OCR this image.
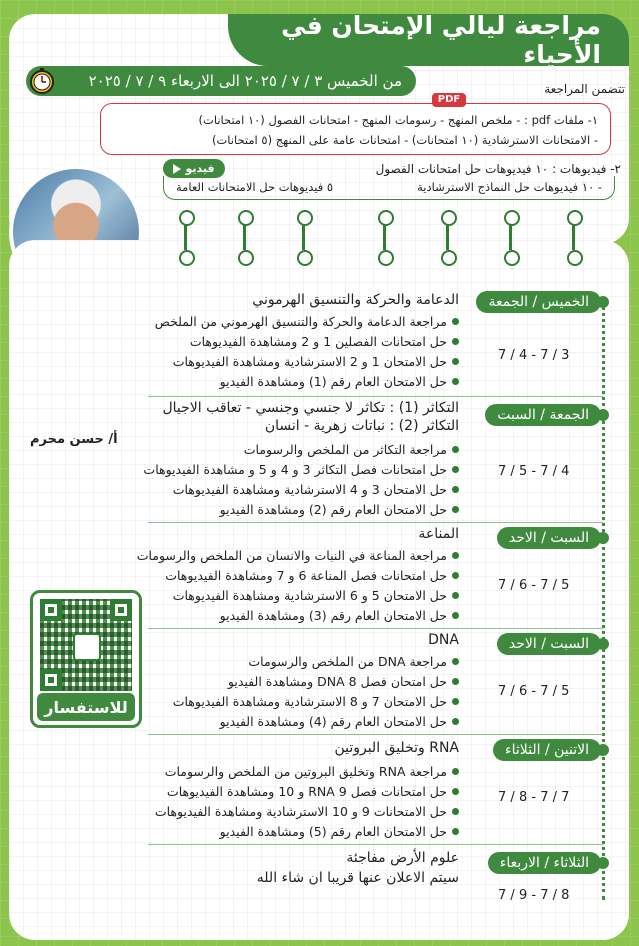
مراجعة ليالي الإمتحان في الأحياء
من الخميس ٣ / ٧ / ٢٠٢٥ الى الاربعاء ٩ / ٧ / ٢٠٢٥	تتضمن المراجعة
١- ملفات pdf : - ملخص المنهج - رسومات المنهج - امتحانات الفصول (١٠ امتحانات)
- الامتحانات الاسترشادية (١٠ امتحانات) - امتحانات عامة على المنهج (٥ امتحانات)
PDF
٢- فيديوهات : ١٠ فيديوهات حل امتحانات الفصول
- ١٠ فيديوهات حل النماذج الاسترشادية
٥ فيديوهات حل الامتحانات العامة
فيديو
الخميس / الجمعة
الدعامة والحركة والتنسيق الهرموني
مراجعة الدعامة والحركة والتنسيق الهرموني من الملخص
حل امتحانات الفصلين 1 و 2 ومشاهدة الفيديوهات
حل الامتحان 1 و 2 الاسترشادية ومشاهدة الفيديوهات
حل الامتحان العام رقم (1) ومشاهدة الفيديو
3 / 7 - 4 / 7
الجمعة / السبت
التكاثر (1) : تكاثر لا جنسي وجنسي - تعاقب الاجيال
التكاثر (2) : نباتات زهرية - انسان
مراجعة التكاثر من الملخص والرسومات
حل امتحانات فصل التكاثر 3 و 4 و 5 و مشاهدة الفيديوهات
حل الامتحان 3 و 4 الاسترشادية ومشاهدة الفيديوهات
حل الامتحان العام رقم (2) ومشاهدة الفيديو
4 / 7 - 5 / 7
السبت / الاحد
المناعة
مراجعة المناعة في النبات والانسان من الملخص والرسومات
حل امتحانات فصل المناعة 6 و 7 ومشاهدة الفيديوهات
حل الامتحان 5 و 6 الاسترشادية ومشاهدة الفيديوهات
حل الامتحان العام رقم (3) ومشاهدة الفيديو
5 / 7 - 6 / 7
السبت / الاحد
DNA
مراجعة DNA من الملخص والرسومات
حل امتحان فصل DNA 8 ومشاهدة الفيديو
حل الامتحان 7 و 8 الاسترشادية ومشاهدة الفيديوهات
حل الامتحان العام رقم (4) ومشاهدة الفيديو
5 / 7 - 6 / 7
الاتنين / الثلاثاء
RNA وتخليق البروتين
مراجعة RNA وتخليق البروتين من الملخص والرسومات
حل امتحانات فصل RNA 9 و 10 ومشاهدة الفيديوهات
حل الامتحانات 9 و 10 الاسترشادية ومشاهدة الفيديوهات
حل الامتحان العام رقم (5) ومشاهدة الفيديو
7 / 7 - 8 / 7
الثلاثاء / الاربعاء
علوم الأرض مفاجئة
سيتم الاعلان عنها قريبا ان شاء الله
8 / 7 - 9 / 7
أ/ حسن محرم
للاستفسار
